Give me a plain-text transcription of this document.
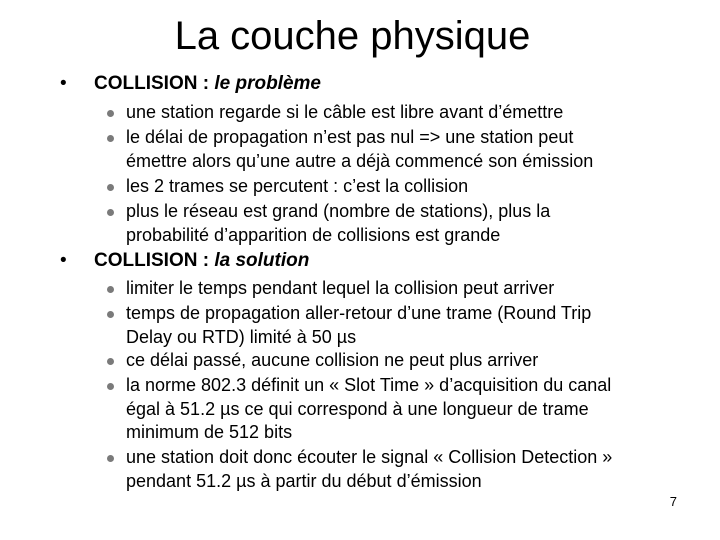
La couche physique
• COLLISION : le problème
une station regarde si le câble est libre avant d’émettre
le délai de propagation n’est pas nul => une station peut
émettre alors qu’une autre a déjà commencé son émission
les 2 trames se percutent : c’est la collision
plus le réseau est grand (nombre de stations), plus la
probabilité d’apparition de collisions est grande
• COLLISION : la solution
limiter le temps pendant lequel la collision peut arriver
temps de propagation aller-retour d’une trame (Round Trip
Delay ou RTD) limité à 50 µs
ce délai passé, aucune collision ne peut plus arriver
la norme 802.3 définit un « Slot Time » d’acquisition du canal
égal à 51.2 µs ce qui correspond à une longueur de trame
minimum de 512 bits
une station doit donc écouter le signal « Collision Detection »
pendant 51.2 µs à partir du début d’émission
7
